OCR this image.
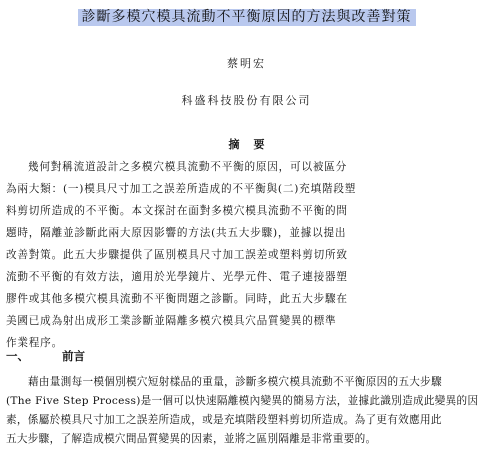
診斷多模穴模具流動不平衡原因的方法與改善對策
蔡明宏
科盛科技股份有限公司
摘要
幾何對稱流道設計之多模穴模具流動不平衡的原因，可以被區分
為兩大類：(一)模具尺寸加工之誤差所造成的不平衡與(二)充填階段塑
料剪切所造成的不平衡。本文探討在面對多模穴模具流動不平衡的問
題時，隔離並診斷此兩大原因影響的方法(共五大步驟)，並據以提出
改善對策。此五大步驟提供了區別模具尺寸加工誤差或塑料剪切所致
流動不平衡的有效方法，適用於光學鏡片、光學元件、電子連接器塑
膠件或其他多模穴模具流動不平衡問題之診斷。同時，此五大步驟在
美國已成為射出成形工業診斷並隔離多模穴模具穴品質變異的標準
作業程序。
一、	前言
藉由量測每一模個別模穴短射樣品的重量，診斷多模穴模具流動不平衡原因的五大步驟
(The Five Step Process)是一個可以快速隔離模內變異的簡易方法，並據此識別造成此變異的因
素，係屬於模具尺寸加工之誤差所造成，或是充填階段塑料剪切所造成。為了更有效應用此
五大步驟，了解造成模穴間品質變異的因素，並將之區別隔離是非常重要的。
